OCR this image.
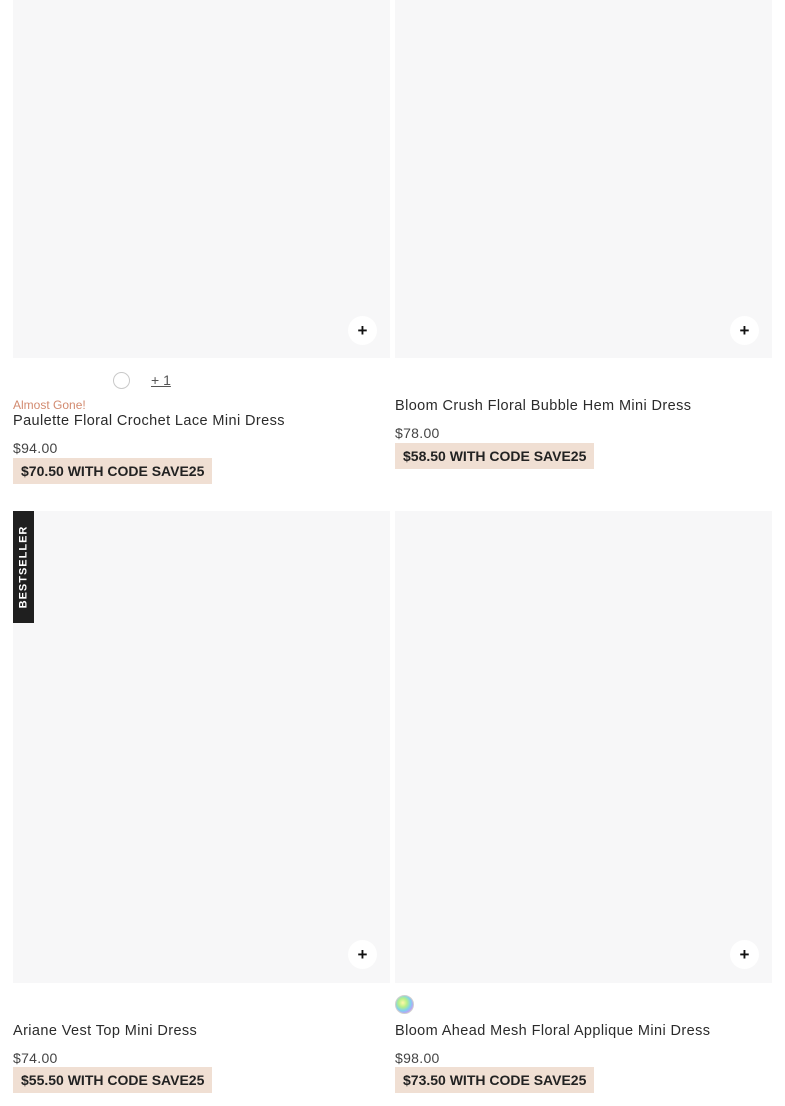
+
+ 1
Almost Gone!
Paulette Floral Crochet Lace Mini Dress
$94.00
$70.50 WITH CODE SAVE25
+
Bloom Crush Floral Bubble Hem Mini Dress
$78.00
$58.50 WITH CODE SAVE25
BESTSELLER
+
Ariane Vest Top Mini Dress
$74.00
$55.50 WITH CODE SAVE25
+
Bloom Ahead Mesh Floral Applique Mini Dress
$98.00
$73.50 WITH CODE SAVE25
